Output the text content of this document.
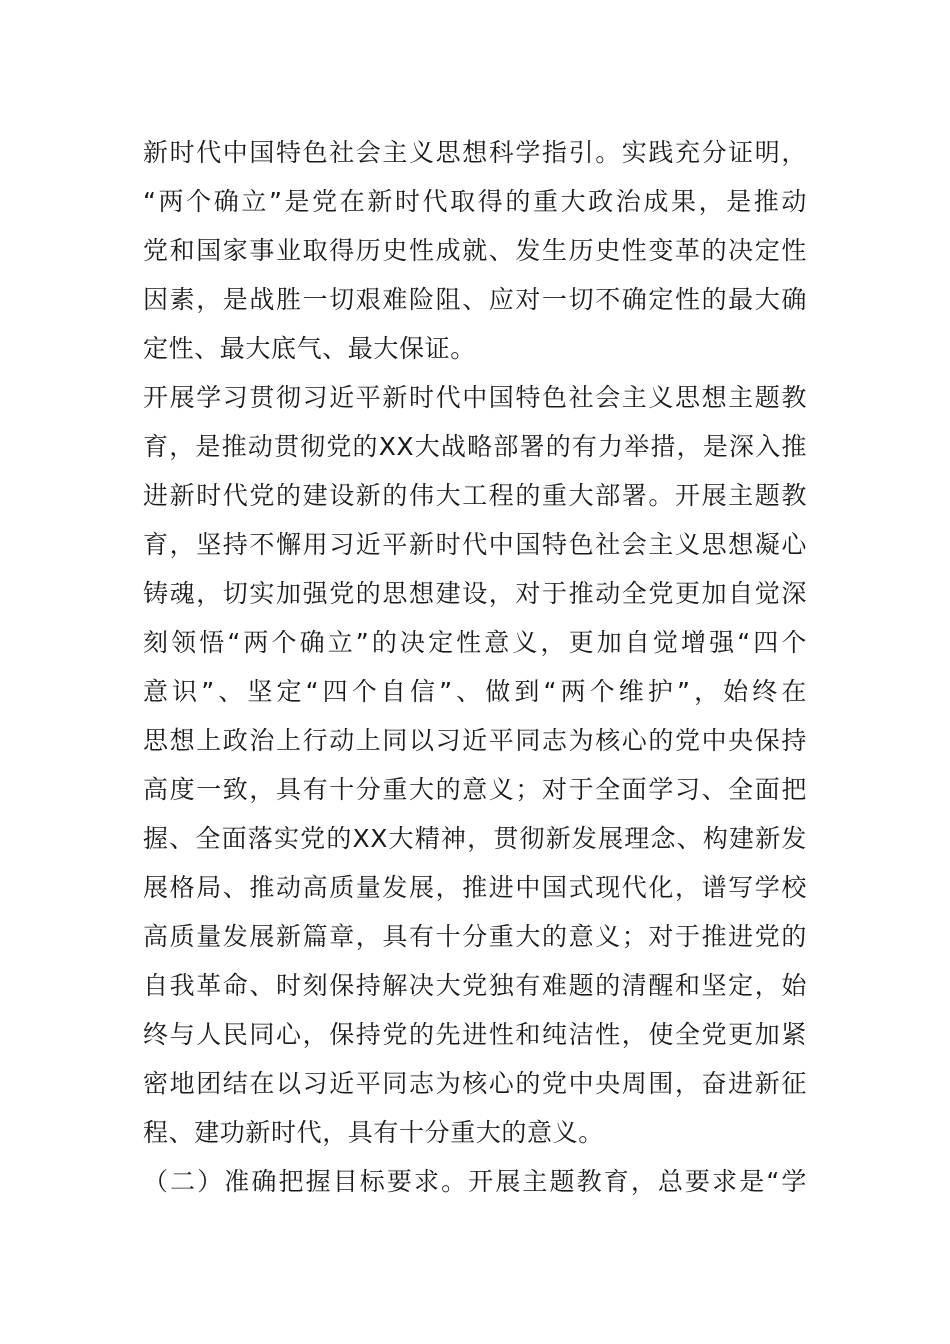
新时代中国特色社会主义思想科学指引。实践充分证明，
“两个确立”是党在新时代取得的重大政治成果，是推动
党和国家事业取得历史性成就、发生历史性变革的决定性
因素，是战胜一切艰难险阻、应对一切不确定性的最大确
定性、最大底气、最大保证。
开展学习贯彻习近平新时代中国特色社会主义思想主题教
育，是推动贯彻党的XX大战略部署的有力举措，是深入推
进新时代党的建设新的伟大工程的重大部署。开展主题教
育，坚持不懈用习近平新时代中国特色社会主义思想凝心
铸魂，切实加强党的思想建设，对于推动全党更加自觉深
刻领悟“两个确立”的决定性意义，更加自觉增强“四个
意识”、坚定“四个自信”、做到“两个维护”，始终在
思想上政治上行动上同以习近平同志为核心的党中央保持
高度一致，具有十分重大的意义；对于全面学习、全面把
握、全面落实党的XX大精神，贯彻新发展理念、构建新发
展格局、推动高质量发展，推进中国式现代化，谱写学校
高质量发展新篇章，具有十分重大的意义；对于推进党的
自我革命、时刻保持解决大党独有难题的清醒和坚定，始
终与人民同心，保持党的先进性和纯洁性，使全党更加紧
密地团结在以习近平同志为核心的党中央周围，奋进新征
程、建功新时代，具有十分重大的意义。
（二）准确把握目标要求。开展主题教育，总要求是“学
